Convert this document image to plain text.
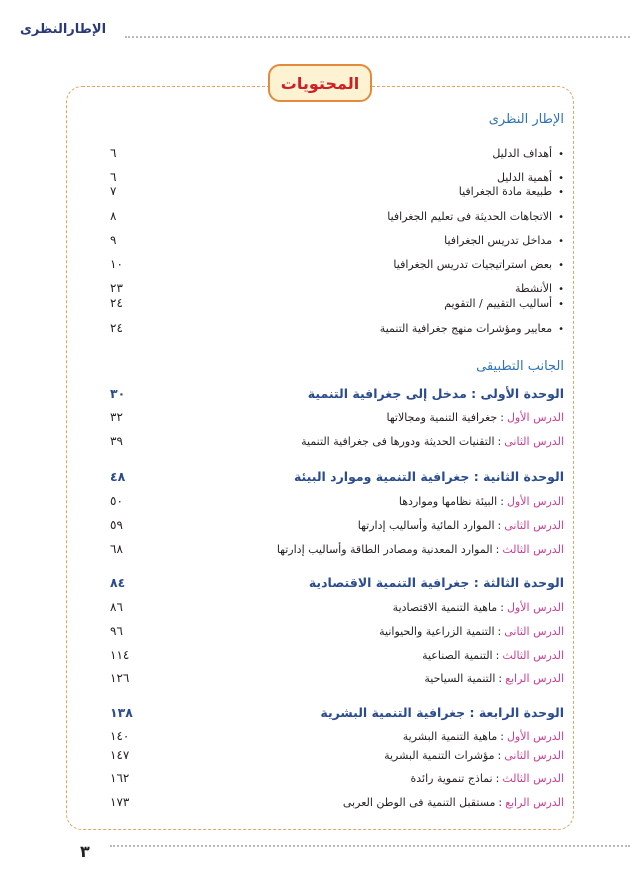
الإطارالنظرى
المحتويات
الإطار النظرى
•أهداف الدليل
٦
•أهمية الدليل
٦
•طبيعة مادة الجغرافيا
٧
•الاتجاهات الحديثة فى تعليم الجغرافيا
٨
•مداخل تدريس الجغرافيا
٩
•بعض استراتيجيات تدريس الجغرافيا
١٠
•الأنشطة
٢٣
•أساليب التقييم / التقويم
٢٤
•معايير ومؤشرات منهج جغرافية التنمية
٢٤
الجانب التطبيقى
الوحدة الأولى : مدخل إلى جغرافية التنمية
٣٠
الدرس الأول:جغرافية التنمية ومجالاتها
٣٢
الدرس الثانى:التقنيات الحديثة ودورها فى جغرافية التنمية
٣٩
الوحدة الثانية : جغرافية التنمية وموارد البيئة
٤٨
الدرس الأول:البيئة نظامها ومواردها
٥٠
الدرس الثانى:الموارد المائية وأساليب إدارتها
٥٩
الدرس الثالث:الموارد المعدنية ومصادر الطاقة وأساليب إدارتها
٦٨
الوحدة الثالثة : جغرافية التنمية الاقتصادية
٨٤
الدرس الأول:ماهية التنمية الاقتصادية
٨٦
الدرس الثانى:التنمية الزراعية والحيوانية
٩٦
الدرس الثالث:التنمية الصناعية
١١٤
الدرس الرابع:التنمية السياحية
١٢٦
الوحدة الرابعة : جغرافية التنمية البشرية
١٣٨
الدرس الأول:ماهية التنمية البشرية
١٤٠
الدرس الثانى:مؤشرات التنمية البشرية
١٤٧
الدرس الثالث:نماذج تنموية رائدة
١٦٢
الدرس الرابع:مستقبل التنمية فى الوطن العربى
١٧٣
٣
